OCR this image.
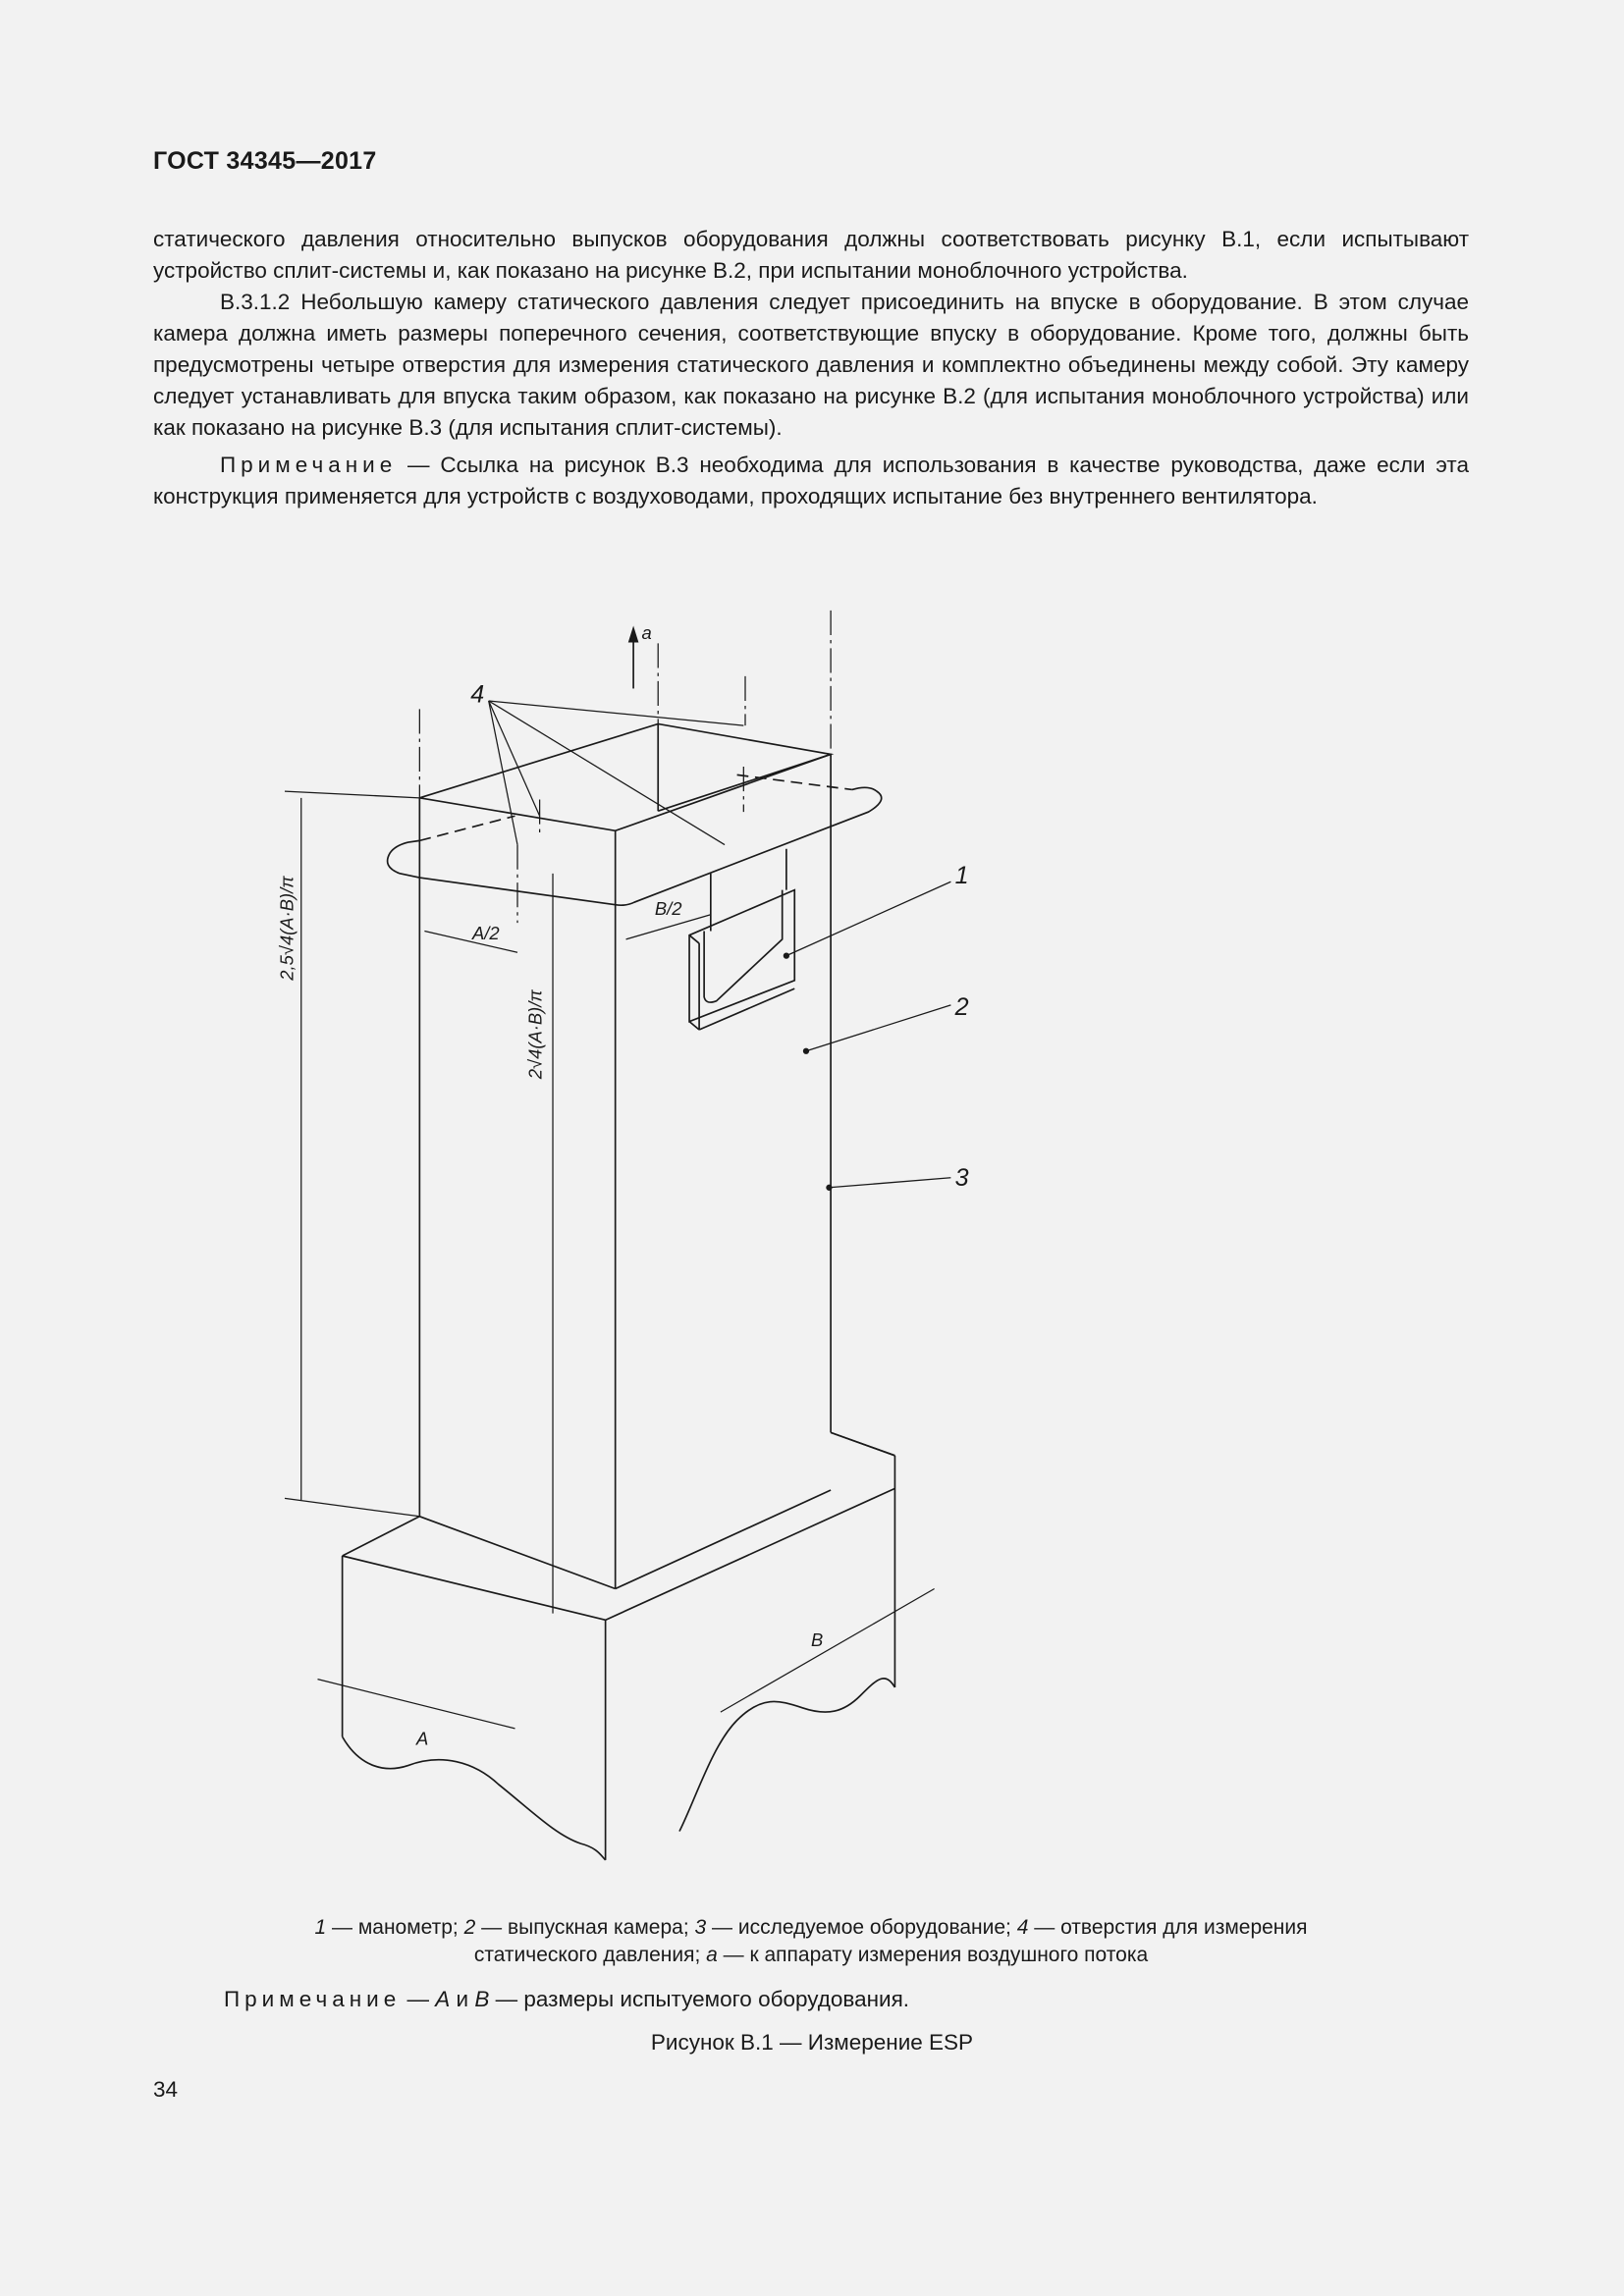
ГОСТ 34345—2017
статического давления относительно выпусков оборудования должны соответствовать рисунку В.1, если испытывают устройство сплит-системы и, как показано на рисунке В.2, при испытании моноблочного устройства.
В.3.1.2 Небольшую камеру статического давления следует присоединить на впуске в оборудование. В этом случае камера должна иметь размеры поперечного сечения, соответствующие впуску в оборудование. Кроме того, должны быть предусмотрены четыре отверстия для измерения статического давления и комплектно объединены между собой. Эту камеру следует устанавливать для впуска таким образом, как показано на рисунке В.2 (для испытания моноблочного устройства) или как показано на рисунке В.3 (для испытания сплит-системы).
Примечание — Ссылка на рисунок В.3 необходима для использования в качестве руководства, даже если эта конструкция применяется для устройств с воздуховодами, проходящих испытание без внутреннего вентилятора.
a
4
1
2
3
A/2
B/2
A
B
2,5√4(A·B)/π
2√4(A·B)/π
1 — манометр; 2 — выпускная камера; 3 — исследуемое оборудование; 4 — отверстия для измерения
статического давления; a — к аппарату измерения воздушного потока
Примечание — A и B — размеры испытуемого оборудования.
Рисунок В.1 — Измерение ESP
34
